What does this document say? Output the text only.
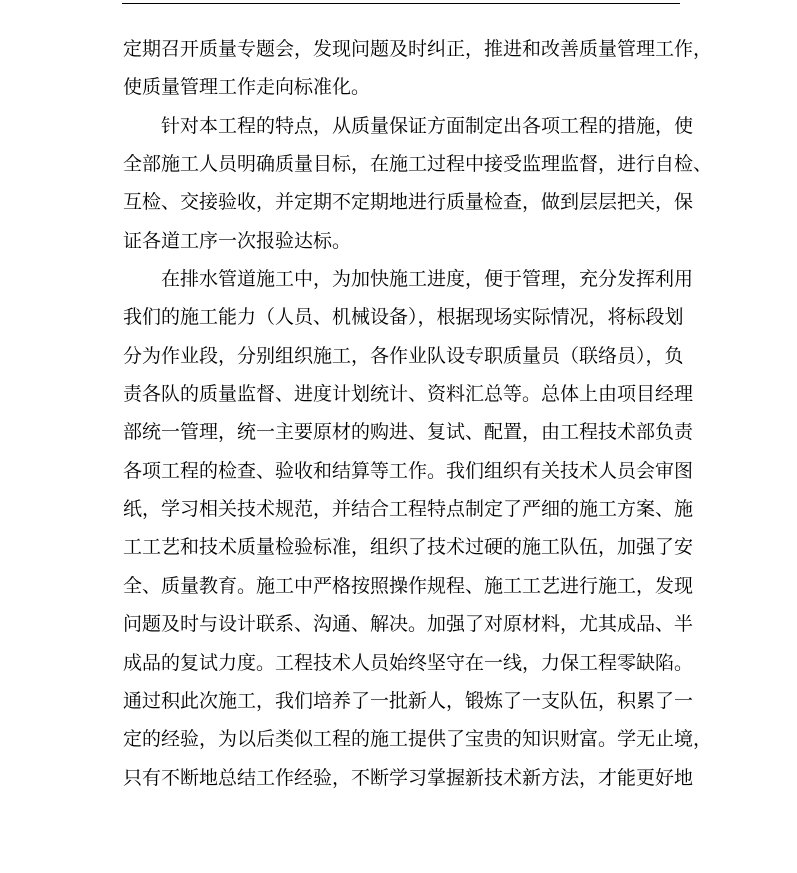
定期召开质量专题会，发现问题及时纠正，推进和改善质量管理工作，
使质量管理工作走向标准化。
针对本工程的特点，从质量保证方面制定出各项工程的措施，使
全部施工人员明确质量目标，在施工过程中接受监理监督，进行自检、
互检、交接验收，并定期不定期地进行质量检查，做到层层把关，保
证各道工序一次报验达标。
在排水管道施工中，为加快施工进度，便于管理，充分发挥利用
我们的施工能力（人员、机械设备），根据现场实际情况，将标段划
分为作业段，分别组织施工，各作业队设专职质量员（联络员），负
责各队的质量监督、进度计划统计、资料汇总等。总体上由项目经理
部统一管理，统一主要原材的购进、复试、配置，由工程技术部负责
各项工程的检查、验收和结算等工作。我们组织有关技术人员会审图
纸，学习相关技术规范，并结合工程特点制定了严细的施工方案、施
工工艺和技术质量检验标准，组织了技术过硬的施工队伍，加强了安
全、质量教育。施工中严格按照操作规程、施工工艺进行施工，发现
问题及时与设计联系、沟通、解决。加强了对原材料，尤其成品、半
成品的复试力度。工程技术人员始终坚守在一线，力保工程零缺陷。
通过积此次施工，我们培养了一批新人，锻炼了一支队伍，积累了一
定的经验，为以后类似工程的施工提供了宝贵的知识财富。学无止境，
只有不断地总结工作经验，不断学习掌握新技术新方法，才能更好地
